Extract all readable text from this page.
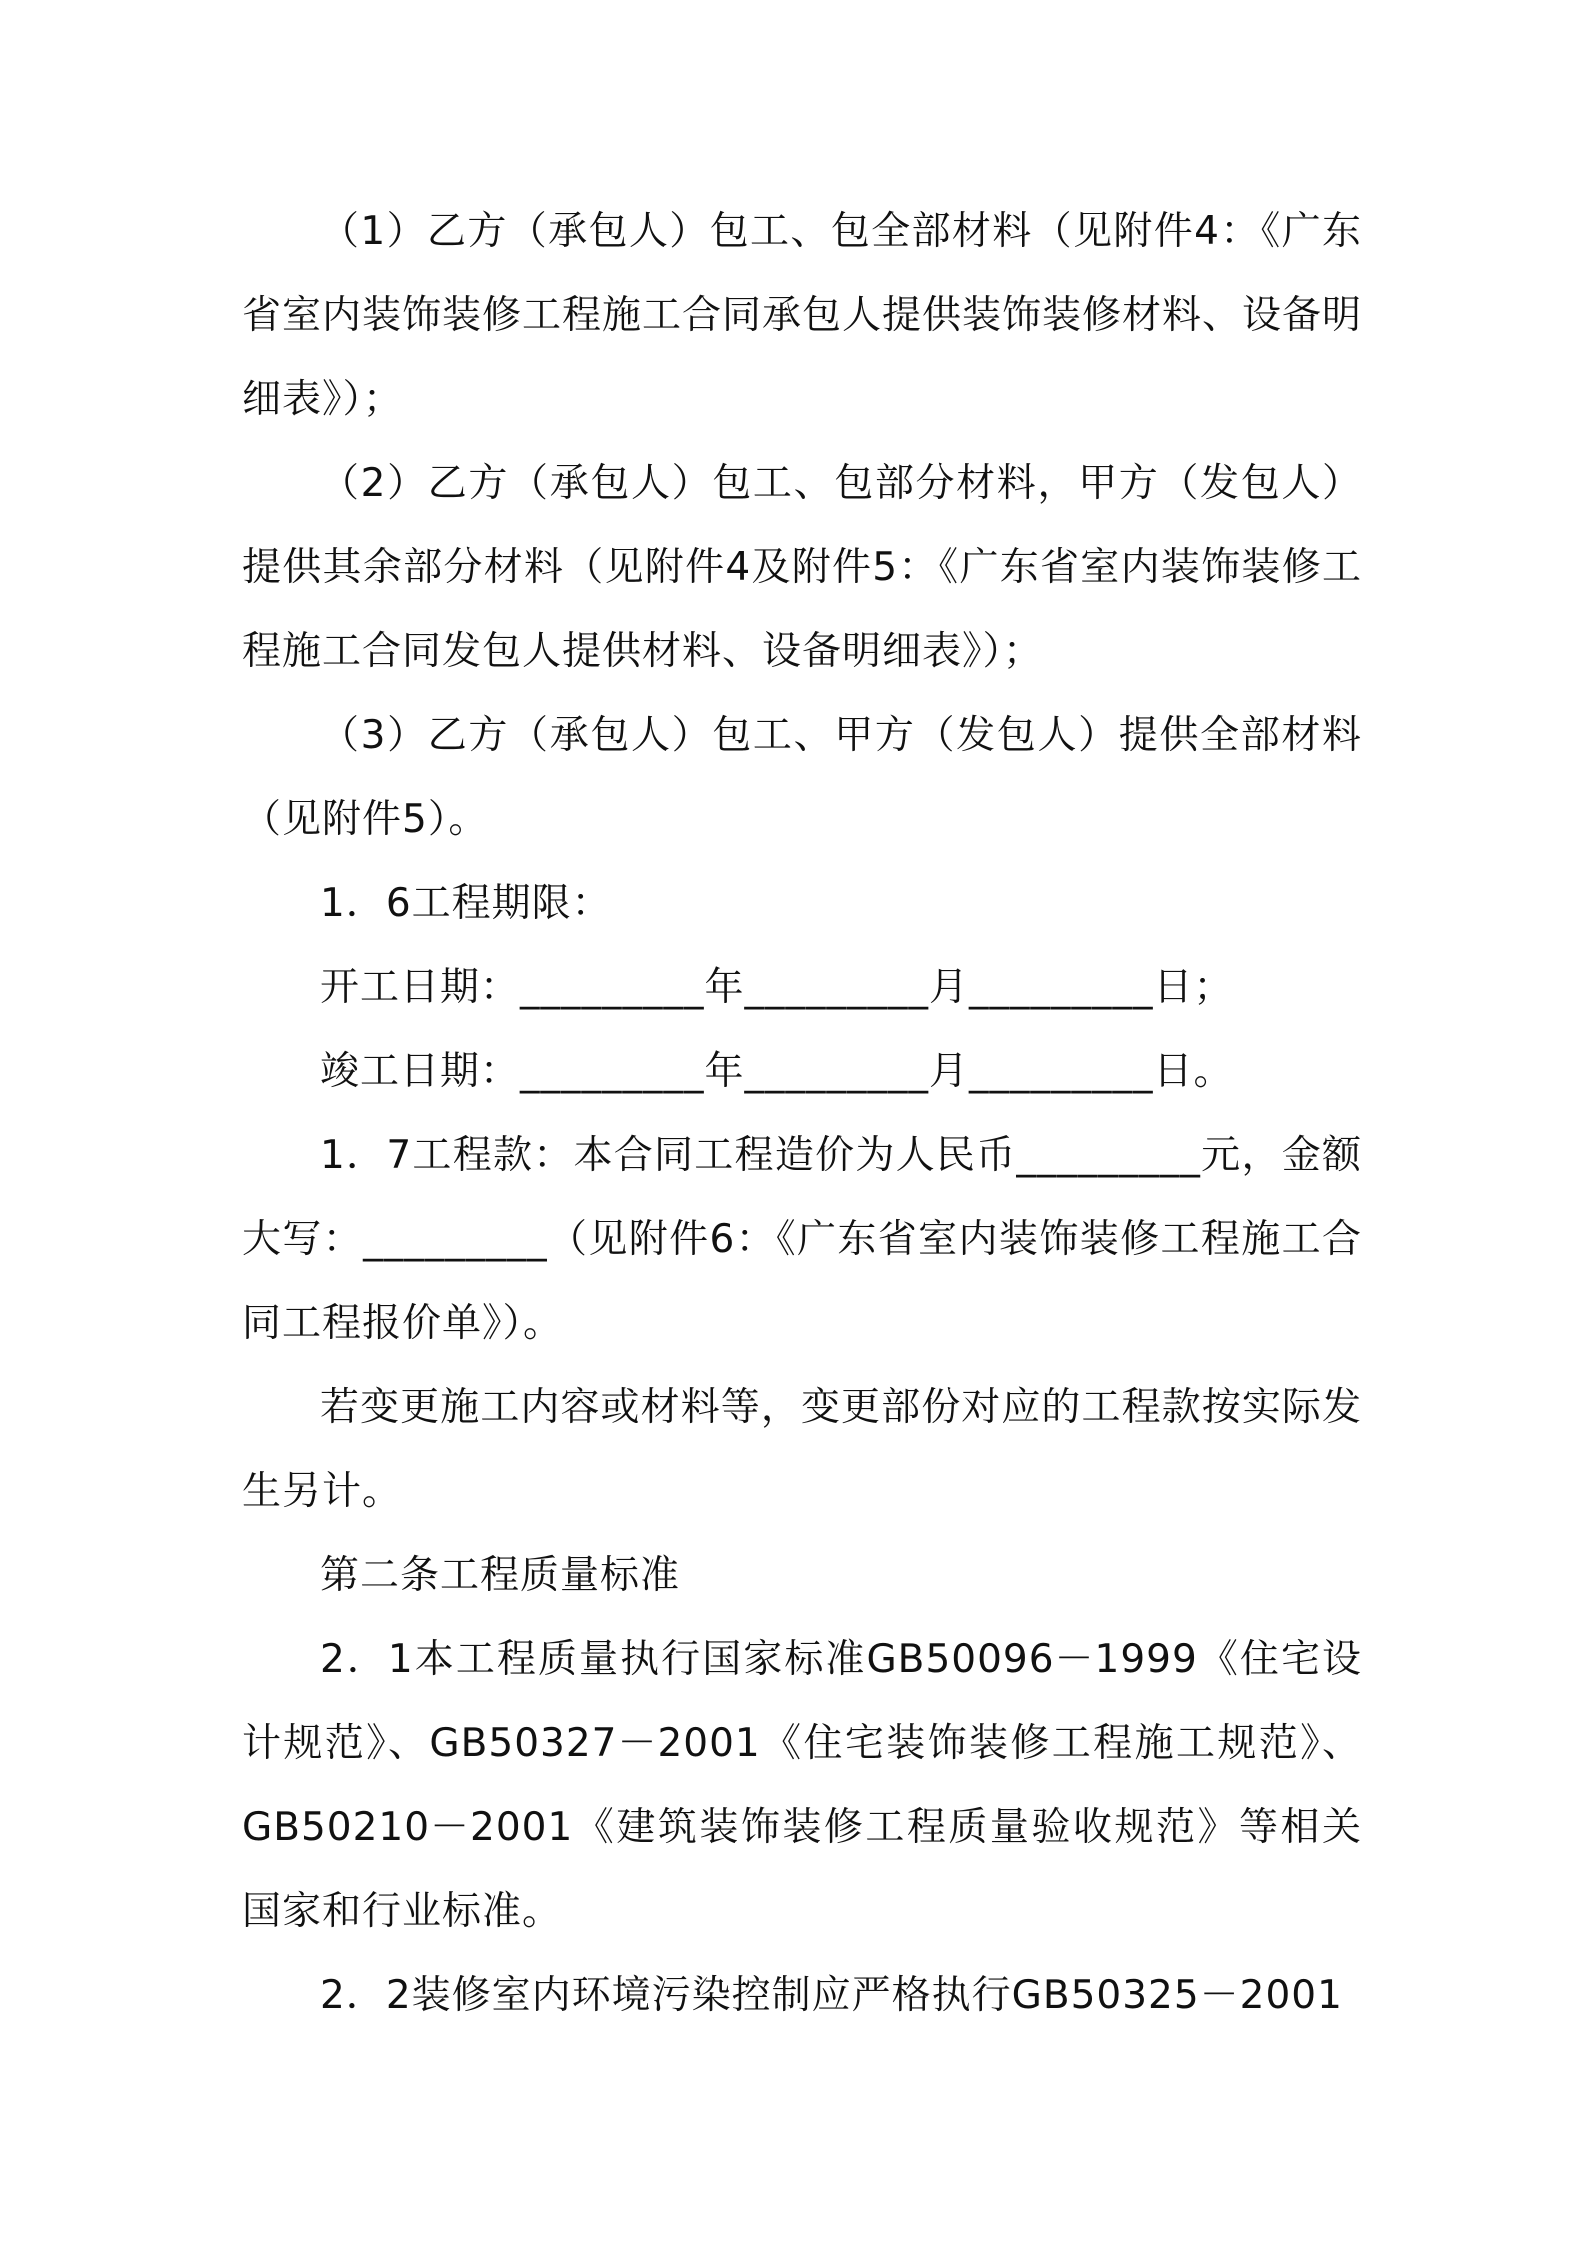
（1）乙方（承包人）包工、包全部材料（见附件4：《广东省室内装饰装修工程施工合同承包人提供装饰装修材料、设备明细表》）；

（2）乙方（承包人）包工、包部分材料，甲方（发包人）提供其余部分材料（见附件4及附件5：《广东省室内装饰装修工程施工合同发包人提供材料、设备明细表》）；

（3）乙方（承包人）包工、甲方（发包人）提供全部材料（见附件5）。

1．6工程期限：

开工日期：_________年_________月_________日；

竣工日期：_________年_________月_________日。

1．7工程款：本合同工程造价为人民币_________元，金额大写：_________（见附件6：《广东省室内装饰装修工程施工合同工程报价单》）。

若变更施工内容或材料等，变更部份对应的工程款按实际发生另计。

第二条工程质量标准

2．1本工程质量执行国家标准GB50096－1999《住宅设计规范》、GB50327－2001《住宅装饰装修工程施工规范》、GB50210－2001《建筑装饰装修工程质量验收规范》等相关国家和行业标准。

2．2装修室内环境污染控制应严格执行GB50325－2001
